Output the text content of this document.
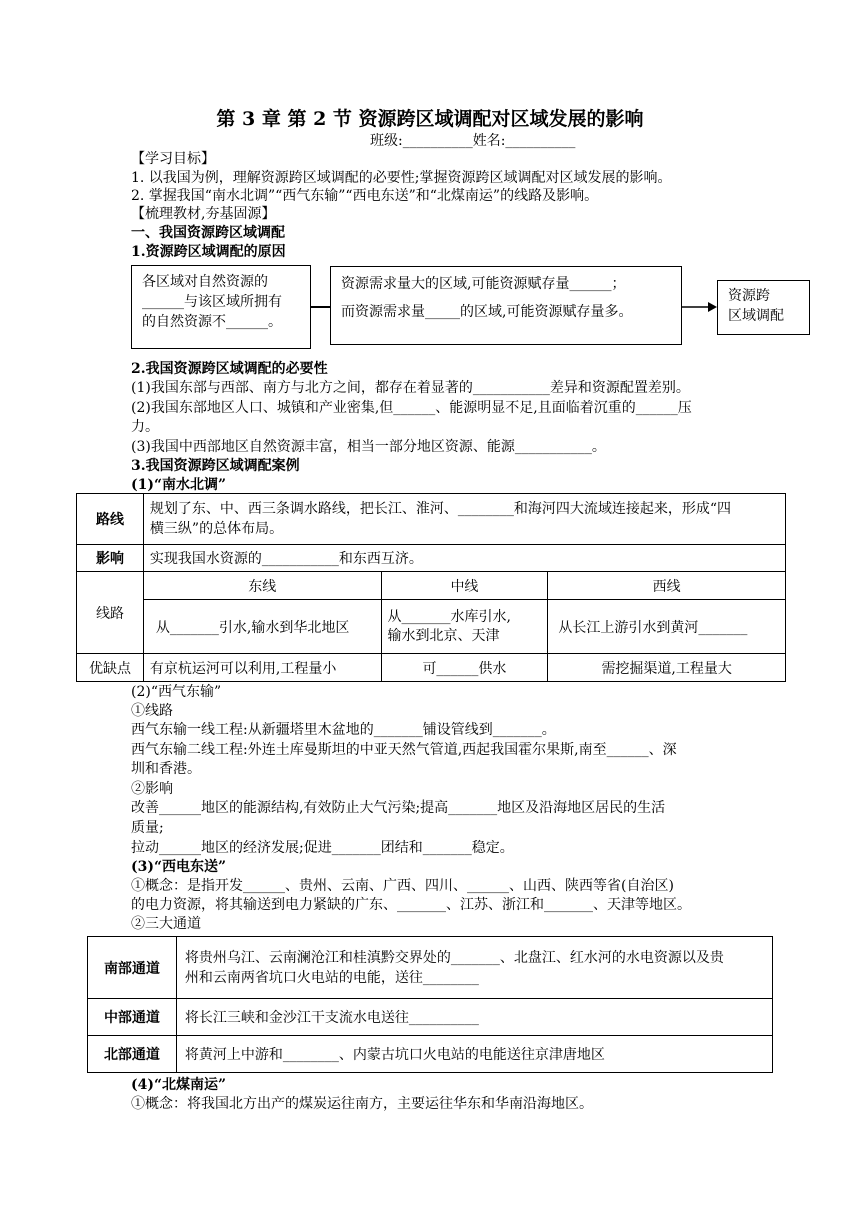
第 3 章 第 2 节 资源跨区域调配对区域发展的影响
班级:__________姓名:__________
【学习目标】
1. 以我国为例，理解资源跨区域调配的必要性;掌握资源跨区域调配对区域发展的影响。
2. 掌握我国“南水北调”“西气东输”“西电东送”和“北煤南运”的线路及影响。
【梳理教材,夯基固源】
一、我国资源跨区域调配
1.资源跨区域调配的原因
各区域对自然资源的
______与该区域所拥有
的自然资源不______。
资源需求量大的区域,可能资源赋存量______；
而资源需求量_____的区域,可能资源赋存量多。
资源跨
区域调配
2.我国资源跨区域调配的必要性
(1)我国东部与西部、南方与北方之间，都存在着显著的___________差异和资源配置差别。
(2)我国东部地区人口、城镇和产业密集,但______、能源明显不足,且面临着沉重的______压
力。
(3)我国中西部地区自然资源丰富，相当一部分地区资源、能源___________。
3.我国资源跨区域调配案例
(1)“南水北调”
路线	规划了东、中、西三条调水路线，把长江、淮河、________和海河四大流域连接起来，形成“四
横三纵”的总体布局。		

影响	实现我国水资源的___________和东西互济。		
线路	东线	中线	西线
	从_______引水,输水到华北地区	从_______水库引水,
输水到北京、天津	从长江上游引水到黄河_______
优缺点	有京杭运河可以利用,工程量小	可______供水	需挖掘渠道,工程量大
(2)“西气东输”
①线路
西气东输一线工程:从新疆塔里木盆地的_______铺设管线到_______。
西气东输二线工程:外连土库曼斯坦的中亚天然气管道,西起我国霍尔果斯,南至______、深
圳和香港。
②影响
改善______地区的能源结构,有效防止大气污染;提高_______地区及沿海地区居民的生活
质量;
拉动______地区的经济发展;促进_______团结和_______稳定。
(3)“西电东送”
①概念：是指开发______、贵州、云南、广西、四川、______、山西、陕西等省(自治区)
的电力资源，将其输送到电力紧缺的广东、_______、江苏、浙江和_______、天津等地区。
②三大通道
南部通道	将贵州乌江、云南澜沧江和桂滇黔交界处的_______、北盘江、红水河的水电资源以及贵
州和云南两省坑口火电站的电能，送往________

中部通道	将长江三峡和金沙江干支流水电送往__________
北部通道	将黄河上中游和________、内蒙古坑口火电站的电能送往京津唐地区
(4)“北煤南运”
①概念：将我国北方出产的煤炭运往南方，主要运往华东和华南沿海地区。
